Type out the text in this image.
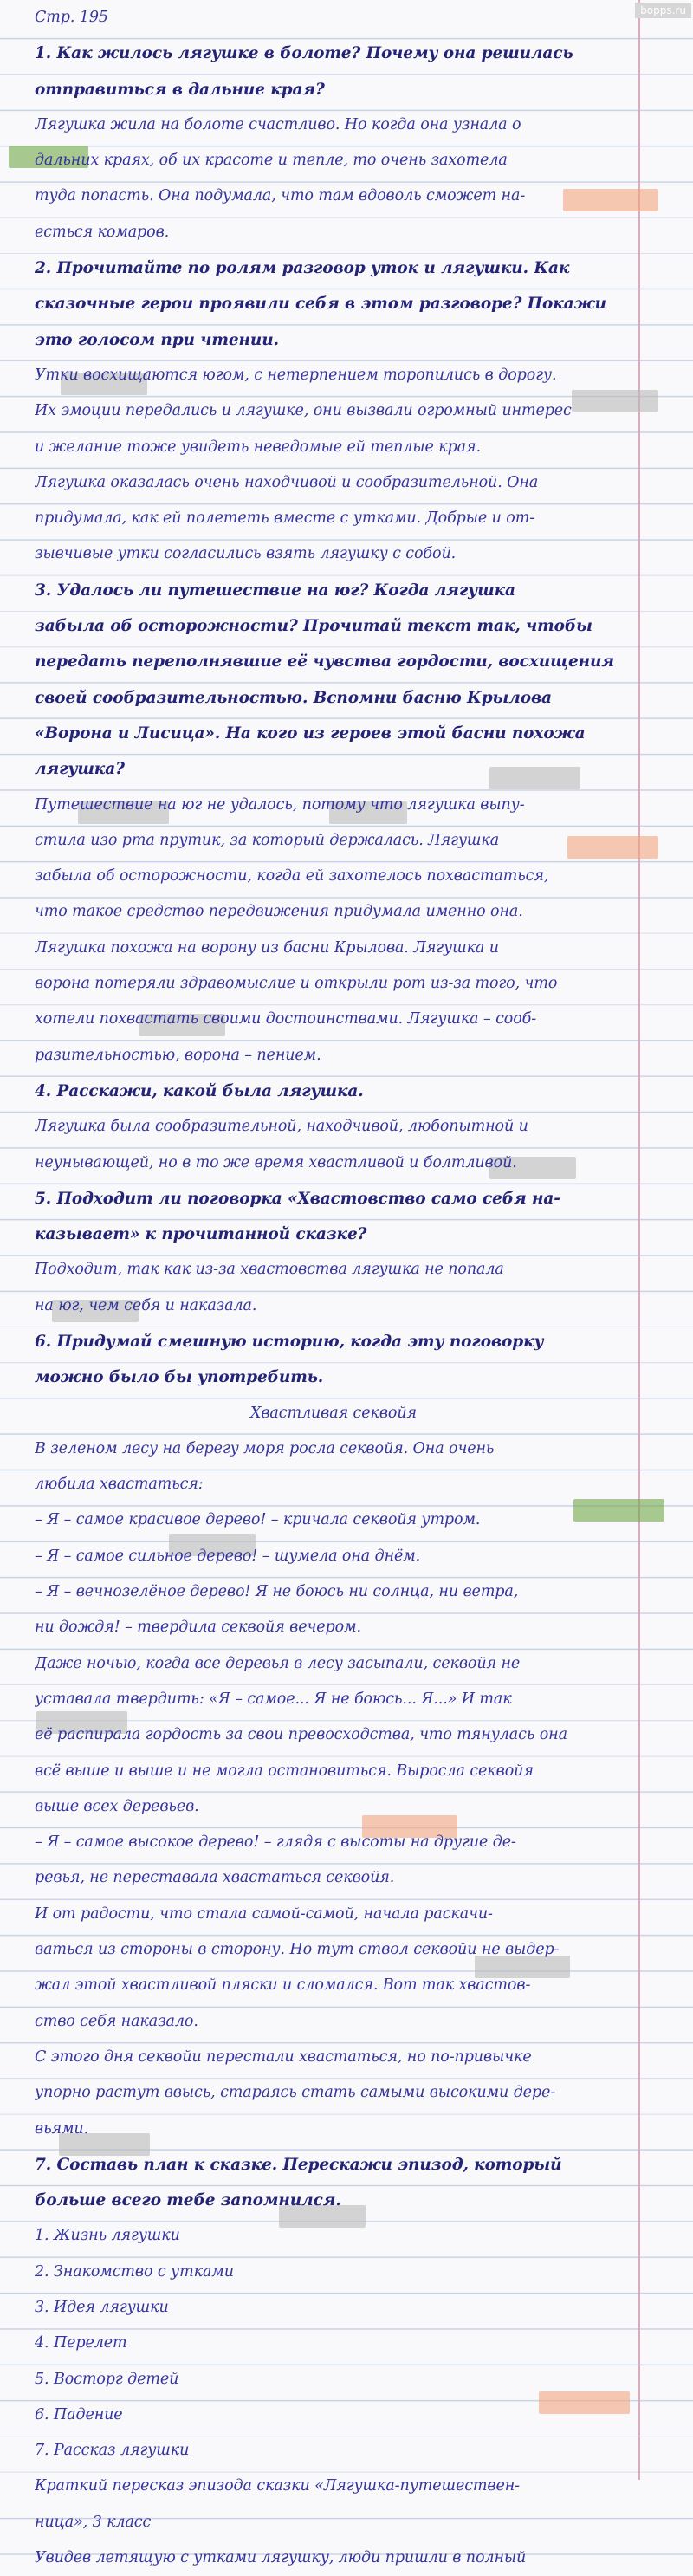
bopps.ru
Стр. 195
1. Как жилось лягушке в болоте? Почему она решилась
отправиться в дальние края?
Лягушка жила на болоте счастливо. Но когда она узнала о
дальних краях, об их красоте и тепле, то очень захотела
туда попасть. Она подумала, что там вдоволь сможет на-
есться комаров.
2. Прочитайте по ролям разговор уток и лягушки. Как
сказочные герои проявили себя в этом разговоре? Покажи
это голосом при чтении.
Утки восхищаются югом, с нетерпением торопились в дорогу.
Их эмоции передались и лягушке, они вызвали огромный интерес
и желание тоже увидеть неведомые ей теплые края.
Лягушка оказалась очень находчивой и сообразительной. Она
придумала, как ей полететь вместе с утками. Добрые и от-
зывчивые утки согласились взять лягушку с собой.
3. Удалось ли путешествие на юг? Когда лягушка
забыла об осторожности? Прочитай текст так, чтобы
передать переполнявшие её чувства гордости, восхищения
своей сообразительностью. Вспомни басню Крылова
«Ворона и Лисица». На кого из героев этой басни похожа
лягушка?
Путешествие на юг не удалось, потому что лягушка выпу-
стила изо рта прутик, за который держалась. Лягушка
забыла об осторожности, когда ей захотелось похвастаться,
что такое средство передвижения придумала именно она.
Лягушка похожа на ворону из басни Крылова. Лягушка и
ворона потеряли здравомыслие и открыли рот из-за того, что
хотели похвастать своими достоинствами. Лягушка – сооб-
разительностью, ворона – пением.
4. Расскажи, какой была лягушка.
Лягушка была сообразительной, находчивой, любопытной и
неунывающей, но в то же время хвастливой и болтливой.
5. Подходит ли поговорка «Хвастовство само себя на-
казывает» к прочитанной сказке?
Подходит, так как из-за хвастовства лягушка не попала
на юг, чем себя и наказала.
6. Придумай смешную историю, когда эту поговорку
можно было бы употребить.
Хвастливая секвойя
В зеленом лесу на берегу моря росла секвойя. Она очень
любила хвастаться:
– Я – самое красивое дерево! – кричала секвойя утром.
– Я – самое сильное дерево! – шумела она днём.
– Я – вечнозелёное дерево! Я не боюсь ни солнца, ни ветра,
ни дождя! – твердила секвойя вечером.
Даже ночью, когда все деревья в лесу засыпали, секвойя не
уставала твердить: «Я – самое... Я не боюсь... Я...» И так
её распирала гордость за свои превосходства, что тянулась она
всё выше и выше и не могла остановиться. Выросла секвойя
выше всех деревьев.
– Я – самое высокое дерево! – глядя с высоты на другие де-
ревья, не переставала хвастаться секвойя.
И от радости, что стала самой-самой, начала раскачи-
ваться из стороны в сторону. Но тут ствол секвойи не выдер-
жал этой хвастливой пляски и сломался. Вот так хвастов-
ство себя наказало.
С этого дня секвойи перестали хвастаться, но по-привычке
упорно растут ввысь, стараясь стать самыми высокими дере-
вьями.
7. Составь план к сказке. Перескажи эпизод, который
больше всего тебе запомнился.
1. Жизнь лягушки
2. Знакомство с утками
3. Идея лягушки
4. Перелет
5. Восторг детей
6. Падение
7. Рассказ лягушки
Краткий пересказ эпизода сказки «Лягушка-путешествен-
ница», 3 класс
Увидев летящую с утками лягушку, люди пришли в полный
